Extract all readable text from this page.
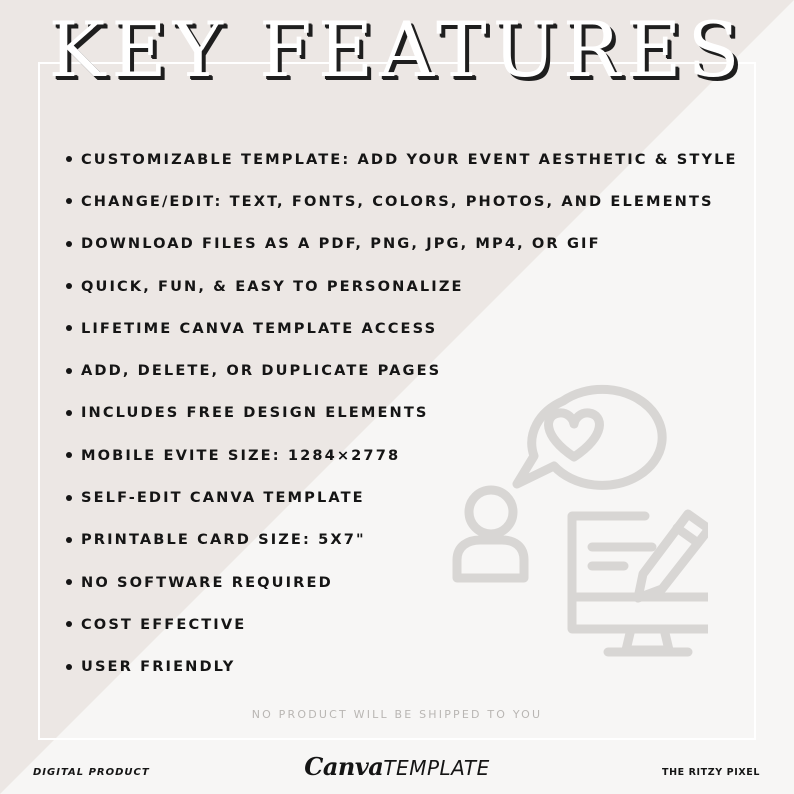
KEY FEATURES
CUSTOMIZABLE TEMPLATE: ADD YOUR EVENT AESTHETIC & STYLE
CHANGE/EDIT: TEXT, FONTS, COLORS, PHOTOS, AND ELEMENTS
DOWNLOAD FILES AS A PDF, PNG, JPG, MP4, OR GIF
QUICK, FUN, & EASY TO PERSONALIZE
LIFETIME CANVA TEMPLATE ACCESS
ADD, DELETE, OR DUPLICATE PAGES
INCLUDES FREE DESIGN ELEMENTS
MOBILE EVITE SIZE: 1284×2778
SELF-EDIT CANVA TEMPLATE
PRINTABLE CARD SIZE: 5X7"
NO SOFTWARE REQUIRED
COST EFFECTIVE
USER FRIENDLY
NO PRODUCT WILL BE SHIPPED TO YOU
DIGITAL PRODUCT	CanvaTEMPLATE	THE RITZY PIXEL
